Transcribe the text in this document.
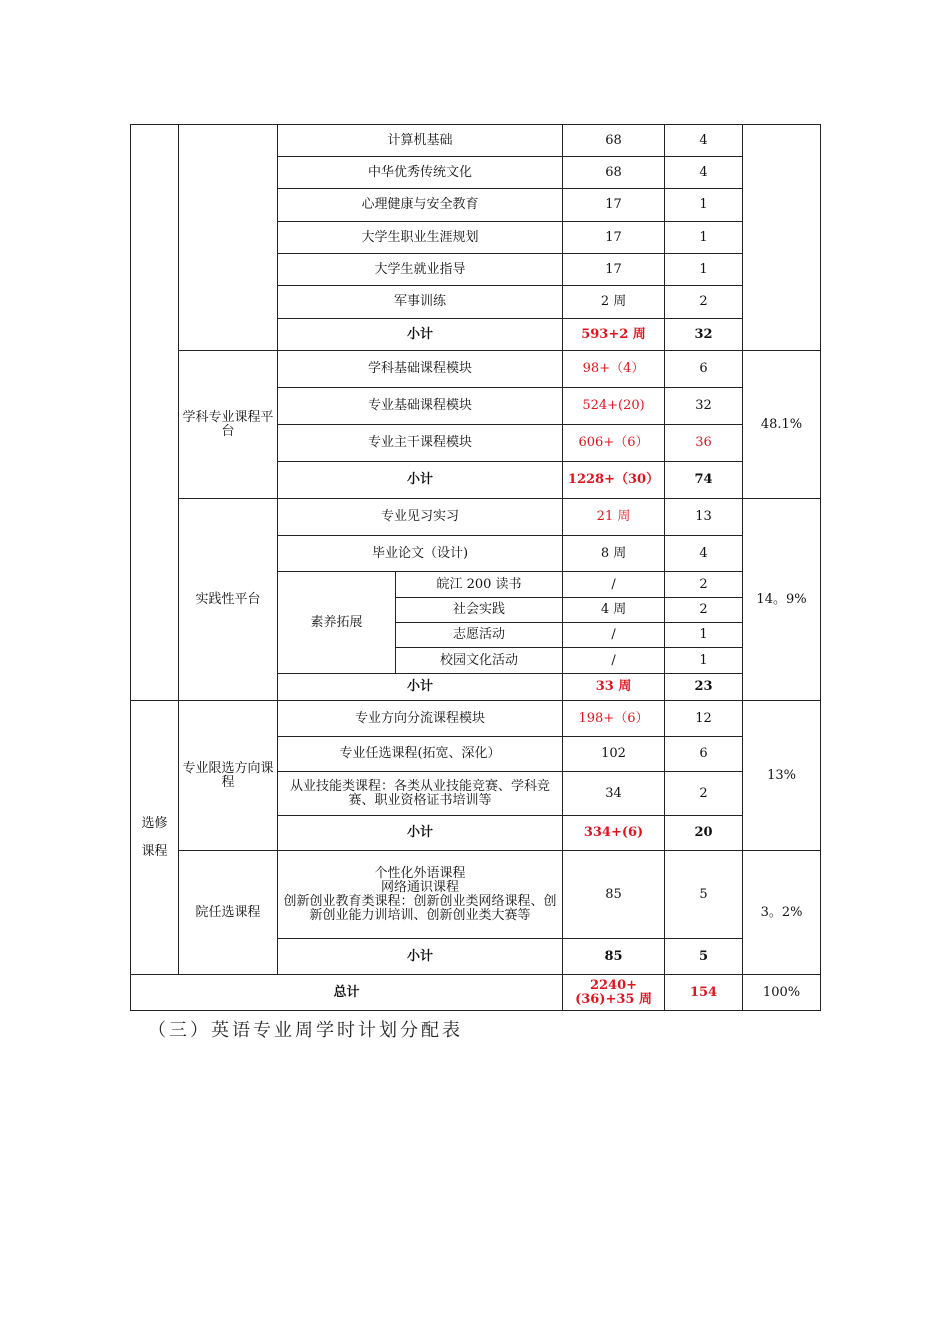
		计算机基础		68	4	
		中华优秀传统文化		68	4	
		心理健康与安全教育		17	1	
		大学生职业生涯规划		17	1	
		大学生就业指导		17	1	
		军事训练		2 周	2	
		小计		593+2 周	32	
	学科专业课程平台	学科基础课程模块		98+（4）	6	48.1%
		专业基础课程模块		524+(20)	32	
		专业主干课程模块		606+（6）	36	
		小计		1228+（30）	74	
	实践性平台	专业见习实习		21 周	13	14。9%
		毕业论文（设计)		8 周	4	
		素养拓展	皖江 200 读书	/	2	
			社会实践	4 周	2	
			志愿活动	/	1	
			校园文化活动	/	1	
		小计		33 周	23	
选修

课程	专业限选方向课程	专业方向分流课程模块		198+（6）	12	13%
		专业任选课程(拓宽、深化）		102	6	
		从业技能类课程：各类从业技能竞赛、学科竞赛、职业资格证书培训等		34	2	
		小计		334+(6)	20	
	院任选课程	个性化外语课程
网络通识课程
创新创业教育类课程：创新创业类网络课程、创新创业能力训培训、创新创业类大赛等		85	5	3。2%
		小计		85	5	
总计				2240+(36)+35 周	154	100%
（三）英语专业周学时计划分配表
